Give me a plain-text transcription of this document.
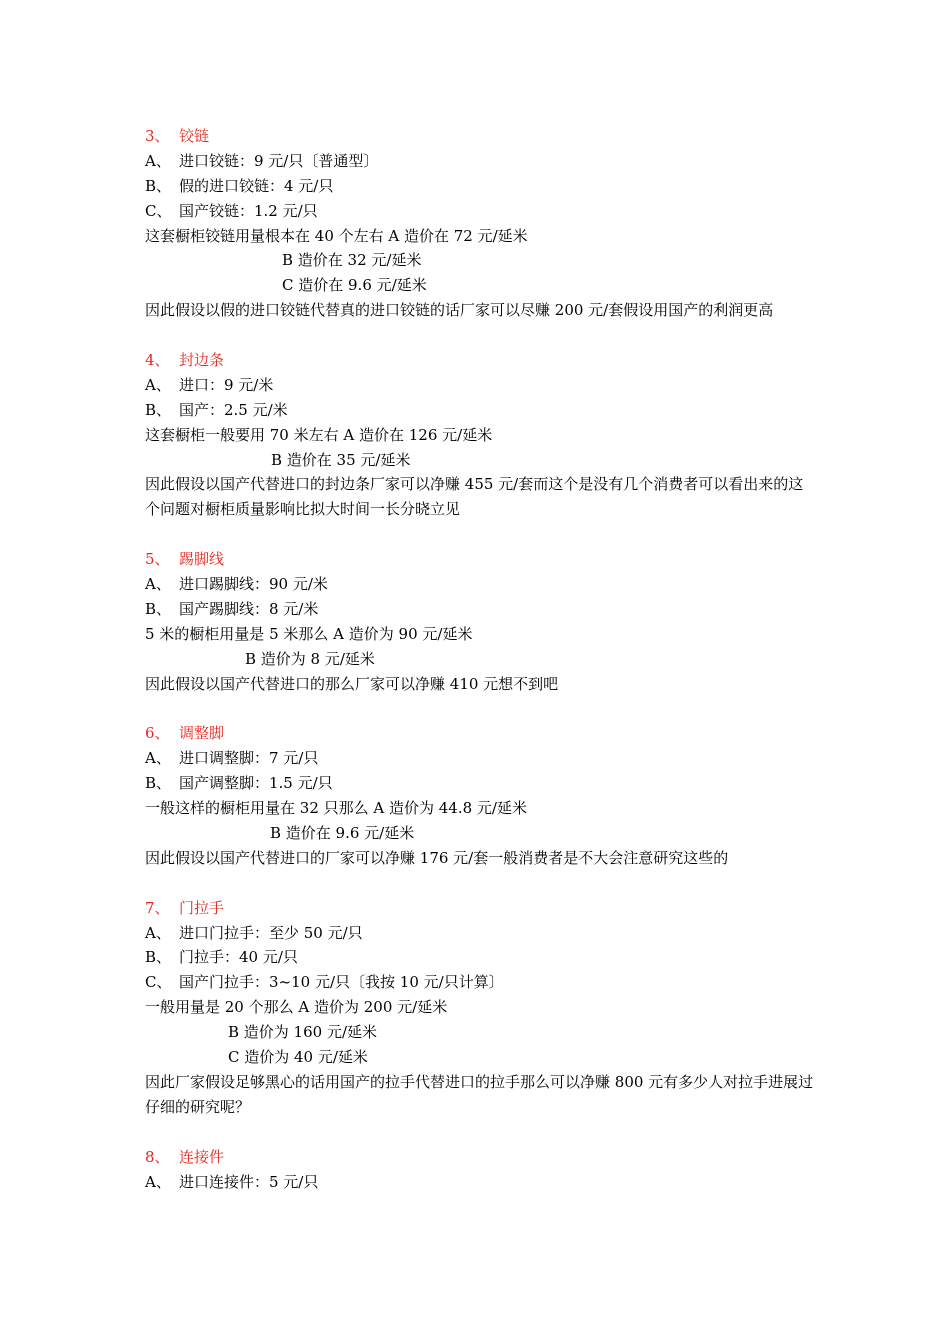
3、 铰链
A、 进口铰链：9 元/只〔普通型〕
B、 假的进口铰链：4 元/只
C、 国产铰链：1.2 元/只
这套橱柜铰链用量根本在 40 个左右 A 造价在 72 元/延米
B 造价在 32 元/延米
C 造价在 9.6 元/延米
因此假设以假的进口铰链代替真的进口铰链的话厂家可以尽赚 200 元/套假设用国产的利润更高
4、 封边条
A、 进口：9 元/米
B、 国产：2.5 元/米
这套橱柜一般要用 70 米左右 A 造价在 126 元/延米
B 造价在 35 元/延米
因此假设以国产代替进口的封边条厂家可以净赚 455 元/套而这个是没有几个消费者可以看出来的这个问题对橱柜质量影响比拟大时间一长分晓立见
5、 踢脚线
A、 进口踢脚线：90 元/米
B、 国产踢脚线：8 元/米
5 米的橱柜用量是 5 米那么 A 造价为 90 元/延米
B 造价为 8 元/延米
因此假设以国产代替进口的那么厂家可以净赚 410 元想不到吧
6、 调整脚
A、 进口调整脚：7 元/只
B、 国产调整脚：1.5 元/只
一般这样的橱柜用量在 32 只那么 A 造价为 44.8 元/延米
B 造价在 9.6 元/延米
因此假设以国产代替进口的厂家可以净赚 176 元/套一般消费者是不大会注意研究这些的
7、 门拉手
A、 进口门拉手：至少 50 元/只
B、 门拉手：40 元/只
C、 国产门拉手：3~10 元/只〔我按 10 元/只计算〕
一般用量是 20 个那么 A 造价为 200 元/延米
B 造价为 160 元/延米
C 造价为 40 元/延米
因此厂家假设足够黑心的话用国产的拉手代替进口的拉手那么可以净赚 800 元有多少人对拉手进展过仔细的研究呢？
8、 连接件
A、 进口连接件：5 元/只
